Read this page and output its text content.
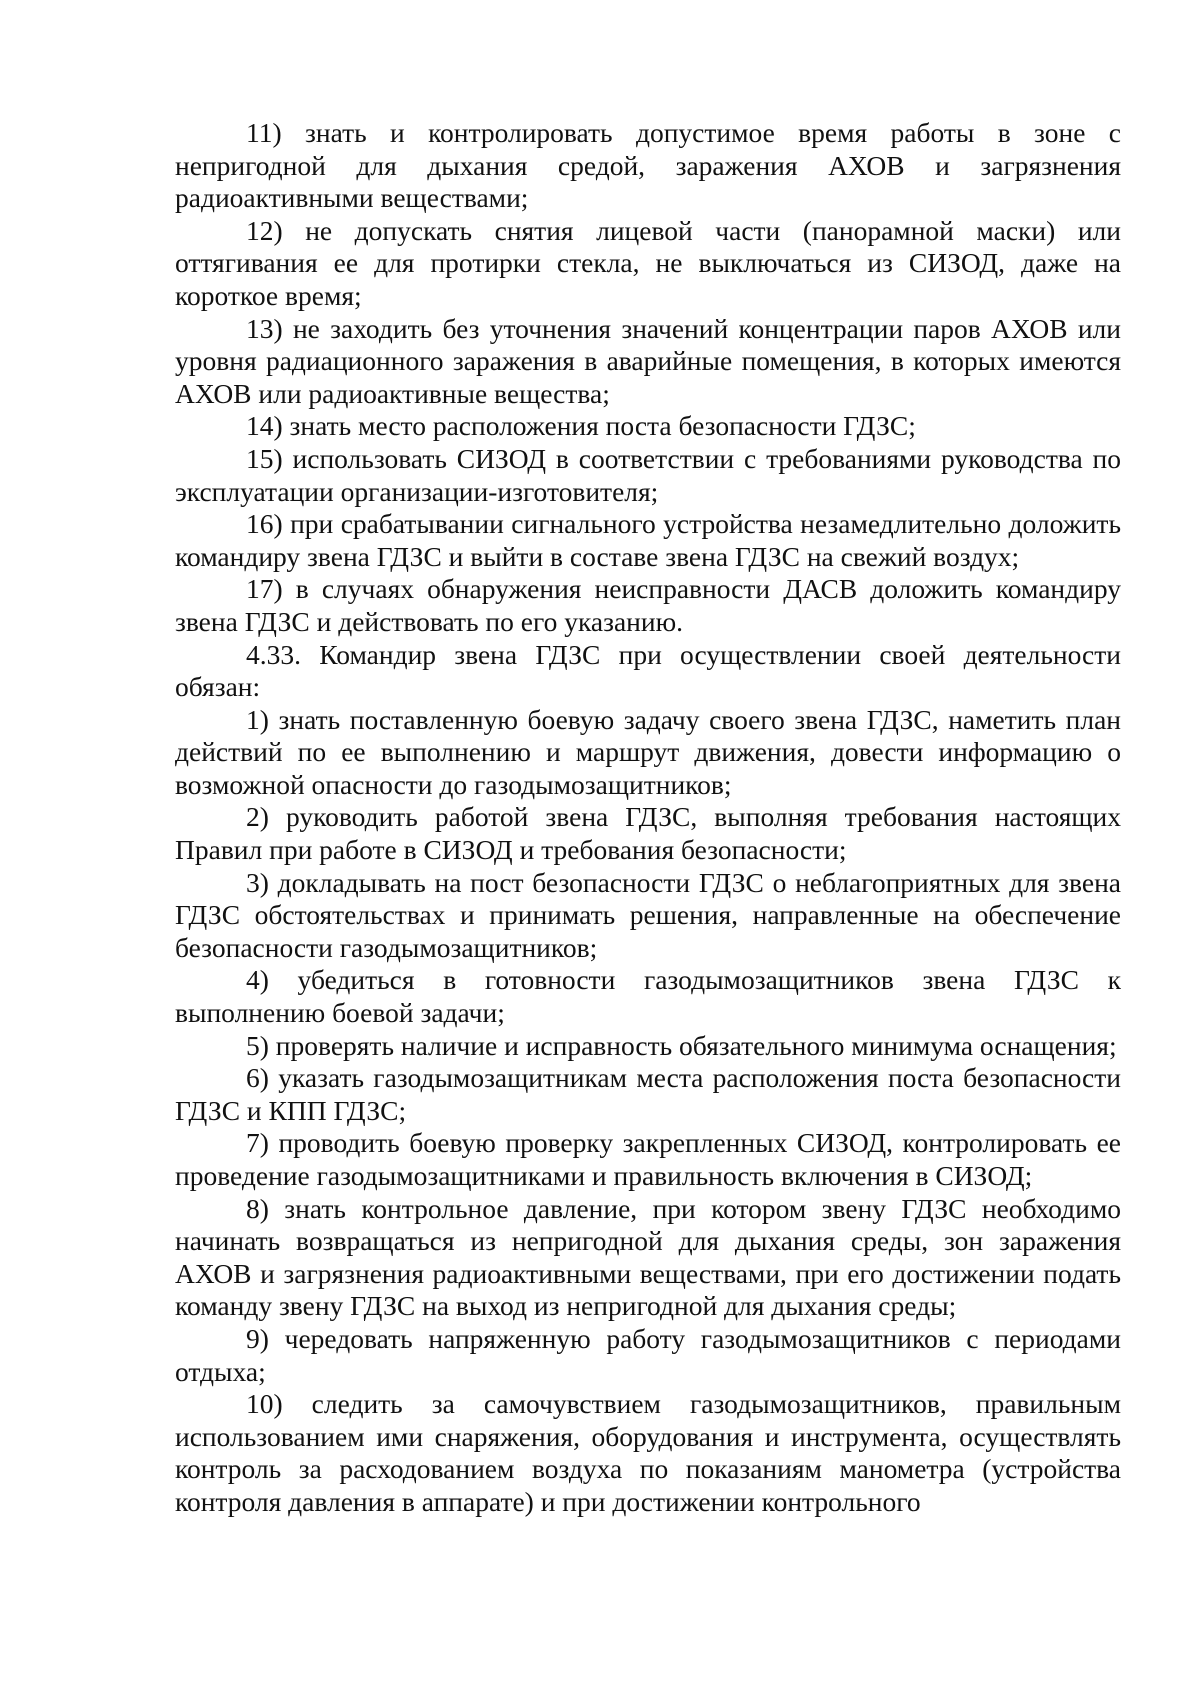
11) знать и контролировать допустимое время работы в зоне с непригодной для дыхания средой, заражения АХОВ и загрязнения радиоактивными веществами;

12) не допускать снятия лицевой части (панорамной маски) или оттягивания ее для протирки стекла, не выключаться из СИЗОД, даже на короткое время;

13) не заходить без уточнения значений концентрации паров АХОВ или уровня радиационного заражения в аварийные помещения, в которых имеются АХОВ или радиоактивные вещества;

14) знать место расположения поста безопасности ГДЗС;

15) использовать СИЗОД в соответствии с требованиями руководства по эксплуатации организации-изготовителя;

16) при срабатывании сигнального устройства незамедлительно доложить командиру звена ГДЗС и выйти в составе звена ГДЗС на свежий воздух;

17) в случаях обнаружения неисправности ДАСВ доложить командиру звена ГДЗС и действовать по его указанию.

4.33. Командир звена ГДЗС при осуществлении своей деятельности обязан:

1) знать поставленную боевую задачу своего звена ГДЗС, наметить план действий по ее выполнению и маршрут движения, довести информацию о возможной опасности до газодымозащитников;

2) руководить работой звена ГДЗС, выполняя требования настоящих Правил при работе в СИЗОД и требования безопасности;

3) докладывать на пост безопасности ГДЗС о неблагоприятных для звена ГДЗС обстоятельствах и принимать решения, направленные на обеспечение безопасности газодымозащитников;

4) убедиться в готовности газодымозащитников звена ГДЗС к выполнению боевой задачи;

5) проверять наличие и исправность обязательного минимума оснащения;

6) указать газодымозащитникам места расположения поста безопасности ГДЗС и КПП ГДЗС;

7) проводить боевую проверку закрепленных СИЗОД, контролировать ее проведение газодымозащитниками и правильность включения в СИЗОД;

8) знать контрольное давление, при котором звену ГДЗС необходимо начинать возвращаться из непригодной для дыхания среды, зон заражения АХОВ и загрязнения радиоактивными веществами, при его достижении подать команду звену ГДЗС на выход из непригодной для дыхания среды;

9) чередовать напряженную работу газодымозащитников с периодами отдыха;

10) следить за самочувствием газодымозащитников, правильным использованием ими снаряжения, оборудования и инструмента, осуществлять контроль за расходованием воздуха по показаниям манометра (устройства контроля давления в аппарате) и при достижении контрольного
